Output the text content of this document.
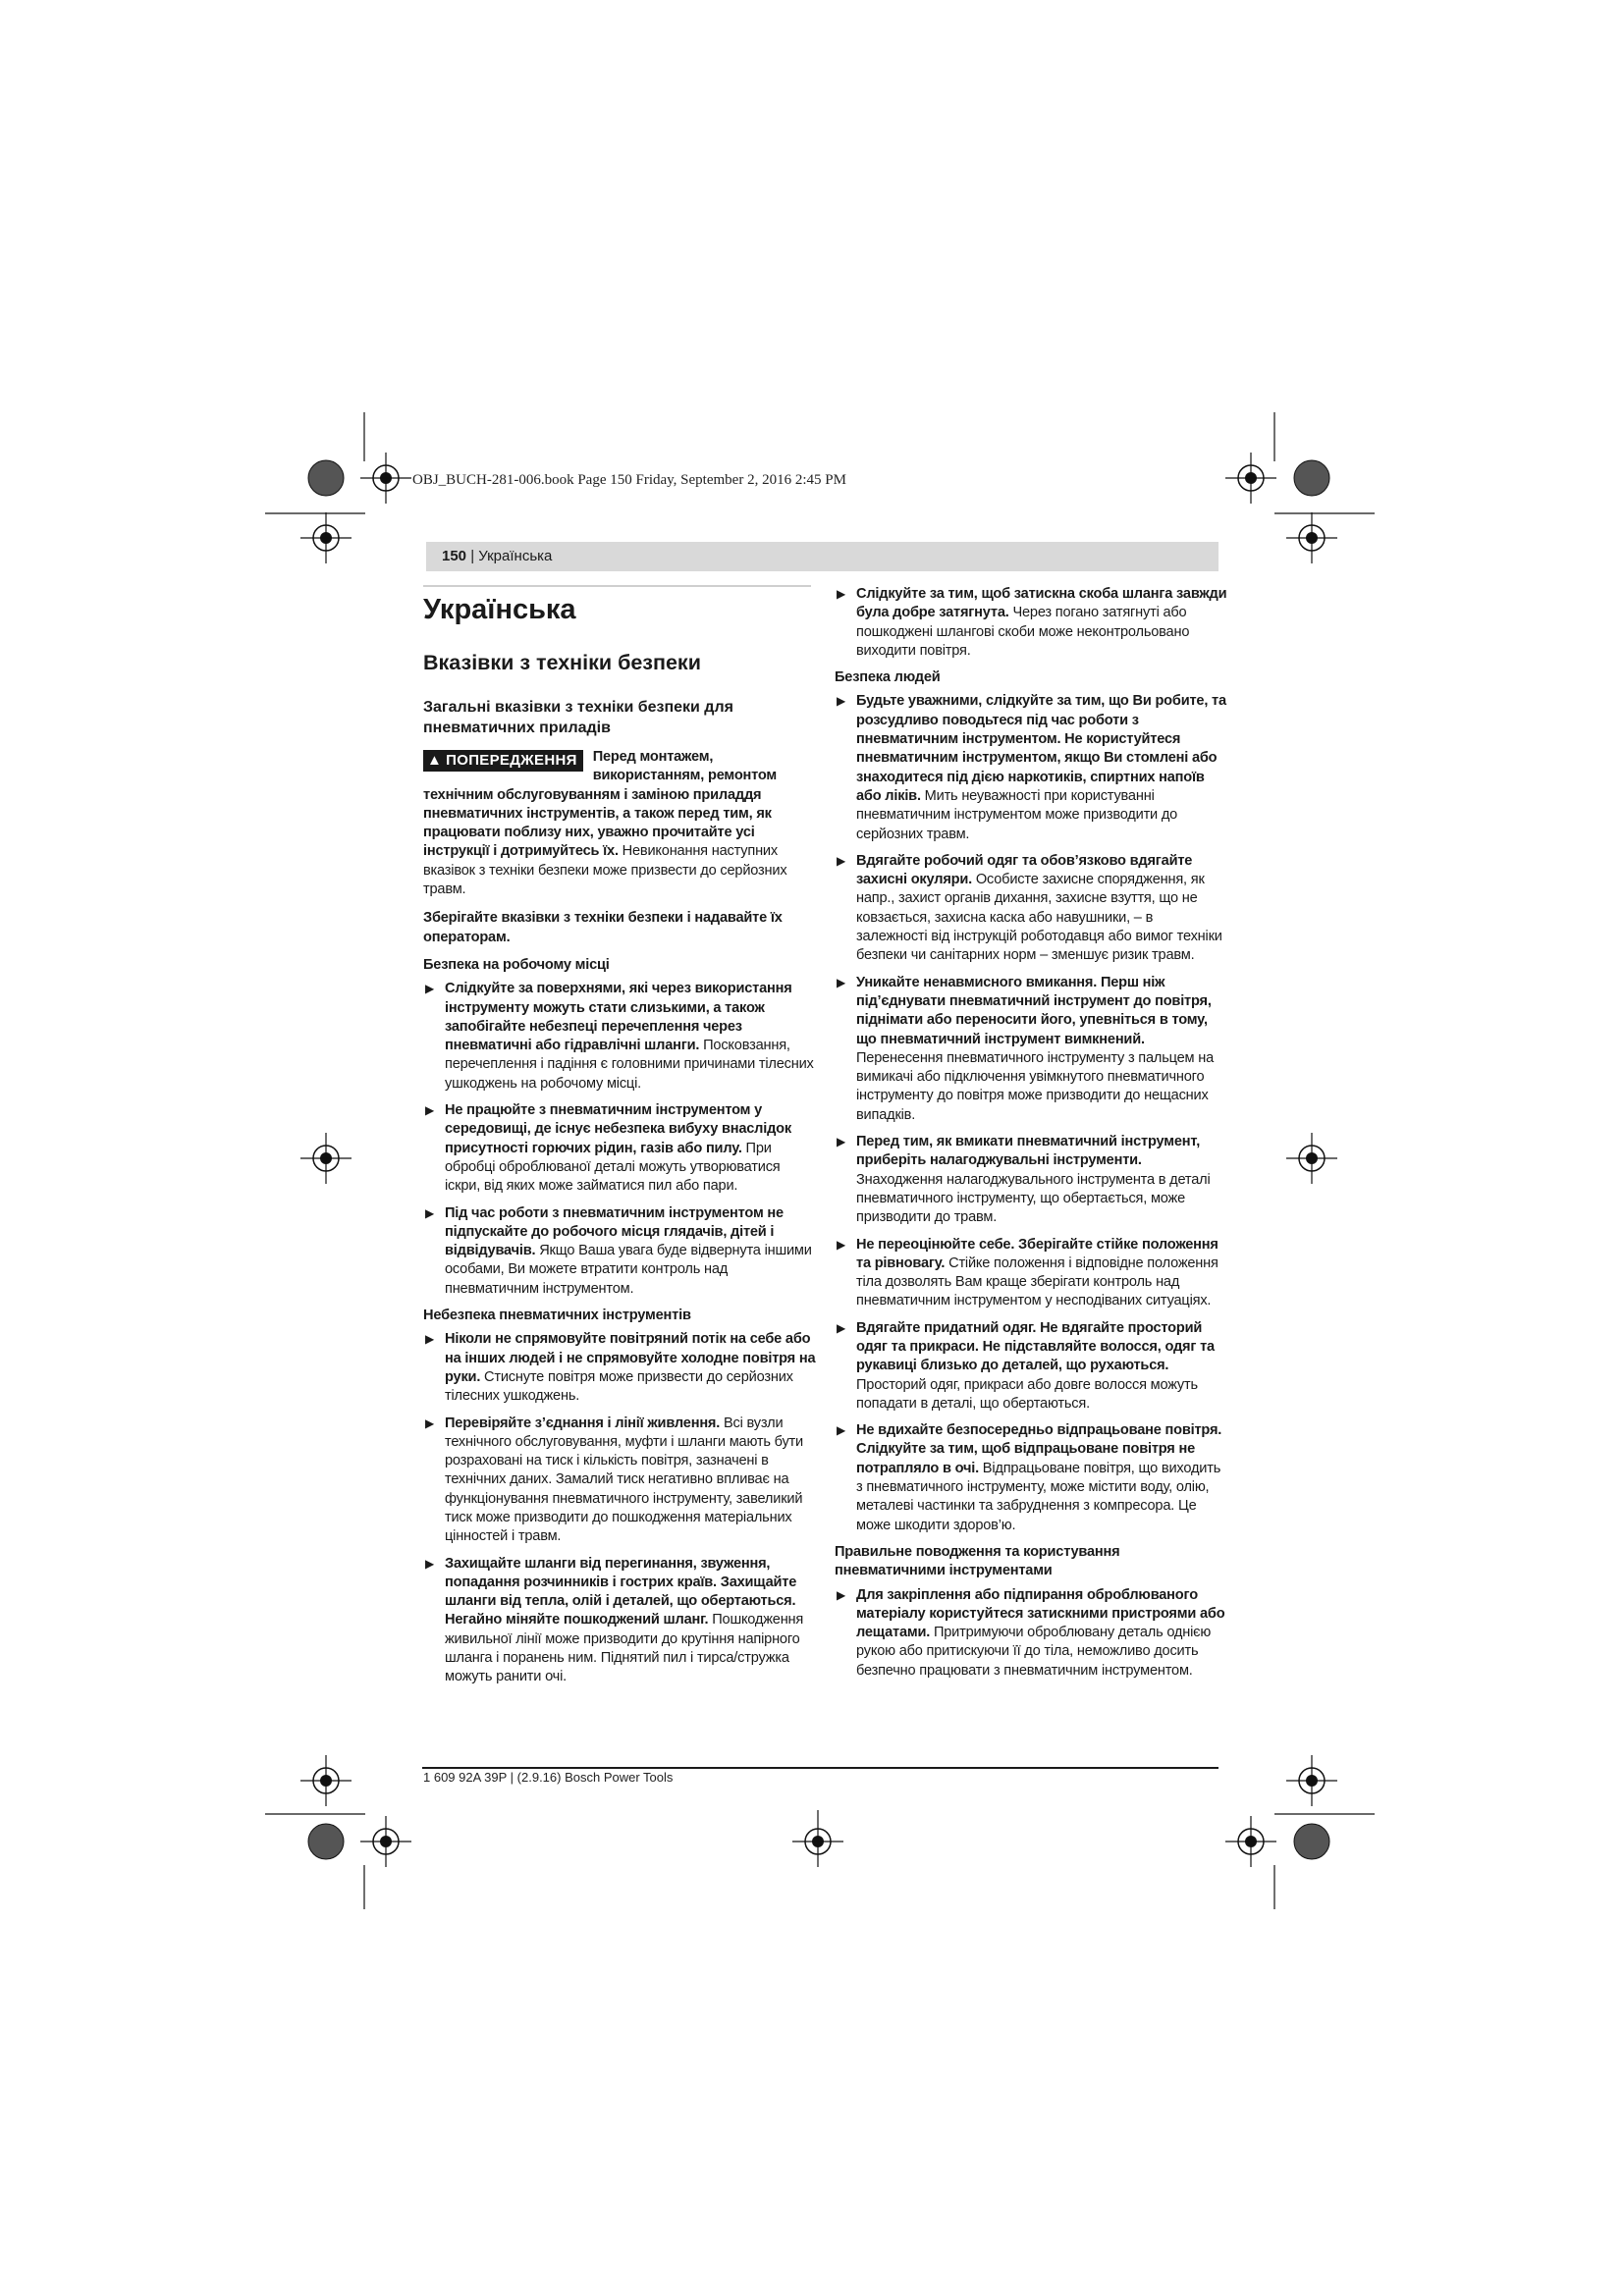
OBJ_BUCH-281-006.book Page 150 Friday, September 2, 2016 2:45 PM
150 | Українська
Українська
Вказівки з техніки безпеки
Загальні вказівки з техніки безпеки для пневматичних приладів

▲ ПОПЕРЕДЖЕННЯ	Перед монтажем, використанням, ремонтом технічним обслуговуванням і заміною приладдя пневматичних інструментів, а також перед тим, як працювати поблизу них, уважно прочитайте усі інструкції і дотримуйтесь їх. Невиконання наступних вказівок з техніки безпеки може призвести до серйозних травм.

Зберігайте вказівки з техніки безпеки і надавайте їх операторам.

Безпека на робочому місці
▶ Слідкуйте за поверхнями, які через використання інструменту можуть стати слизькими, а також запобігайте небезпеці перечеплення через пневматичні або гідравлічні шланги. Посковзання, перечеплення і падіння є головними причинами тілесних ушкоджень на робочому місці.
▶ Не працюйте з пневматичним інструментом у середовищі, де існує небезпека вибуху внаслідок присутності горючих рідин, газів або пилу. При обробці оброблюваної деталі можуть утворюватися іскри, від яких може займатися пил або пари.
▶ Під час роботи з пневматичним інструментом не підпускайте до робочого місця глядачів, дітей і відвідувачів. Якщо Ваша увага буде відвернута іншими особами, Ви можете втратити контроль над пневматичним інструментом.
Небезпека пневматичних інструментів
▶ Ніколи не спрямовуйте повітряний потік на себе або на інших людей і не спрямовуйте холодне повітря на руки. Стиснуте повітря може призвести до серйозних тілесних ушкоджень.
▶ Перевіряйте з’єднання і лінії живлення. Всі вузли технічного обслуговування, муфти і шланги мають бути розраховані на тиск і кількість повітря, зазначені в технічних даних. Замалий тиск негативно впливає на функціонування пневматичного інструменту, завеликий тиск може призводити до пошкодження матеріальних цінностей і травм.
▶ Захищайте шланги від перегинання, звуження, попадання розчинників і гострих країв. Захищайте шланги від тепла, олій і деталей, що обертаються. Негайно міняйте пошкоджений шланг. Пошкодження живильної лінії може призводити до крутіння напірного шланга і поранень ним. Піднятий пил і тирса/стружка можуть ранити очі.
▶ Слідкуйте за тим, щоб затискна скоба шланга завжди була добре затягнута. Через погано затягнуті або пошкоджені шлангові скоби може неконтрольовано виходити повітря.
Безпека людей
▶ Будьте уважними, слідкуйте за тим, що Ви робите, та розсудливо поводьтеся під час роботи з пневматичним інструментом. Не користуйтеся пневматичним інструментом, якщо Ви стомлені або знаходитеся під дією наркотиків, спиртних напоїв або ліків. Мить неуважності при користуванні пневматичним інструментом може призводити до серйозних травм.
▶ Вдягайте робочий одяг та обов’язково вдягайте захисні окуляри. Особисте захисне спорядження, як напр., захист органів дихання, захисне взуття, що не ковзається, захисна каска або навушники, – в залежності від інструкцій роботодавця або вимог техніки безпеки чи санітарних норм – зменшує ризик травм.
▶ Уникайте ненавмисного вмикання. Перш ніж під’єднувати пневматичний інструмент до повітря, піднімати або переносити його, упевніться в тому, що пневматичний інструмент вимкнений. Перенесення пневматичного інструменту з пальцем на вимикачі або підключення увімкнутого пневматичного інструменту до повітря може призводити до нещасних випадків.
▶ Перед тим, як вмикати пневматичний інструмент, приберіть налагоджувальні інструменти. Знаходження налагоджувального інструмента в деталі пневматичного інструменту, що обертається, може призводити до травм.
▶ Не переоцінюйте себе. Зберігайте стійке положення та рівновагу. Стійке положення і відповідне положення тіла дозволять Вам краще зберігати контроль над пневматичним інструментом у несподіваних ситуаціях.
▶ Вдягайте придатний одяг. Не вдягайте просторий одяг та прикраси. Не підставляйте волосся, одяг та рукавиці близько до деталей, що рухаються. Просторий одяг, прикраси або довге волосся можуть попадати в деталі, що обертаються.
▶ Не вдихайте безпосередньо відпрацьоване повітря. Слідкуйте за тим, щоб відпрацьоване повітря не потрапляло в очі. Відпрацьоване повітря, що виходить з пневматичного інструменту, може містити воду, олію, металеві частинки та забруднення з компресора. Це може шкодити здоров’ю.
Правильне поводження та користування пневматичними інструментами
▶ Для закріплення або підпирання оброблюваного матеріалу користуйтеся затискними пристроями або лещатами. Притримуючи оброблювану деталь однією рукою або притискуючи її до тіла, неможливо досить безпечно працювати з пневматичним інструментом.
1 609 92A 39P | (2.9.16) Bosch Power Tools
